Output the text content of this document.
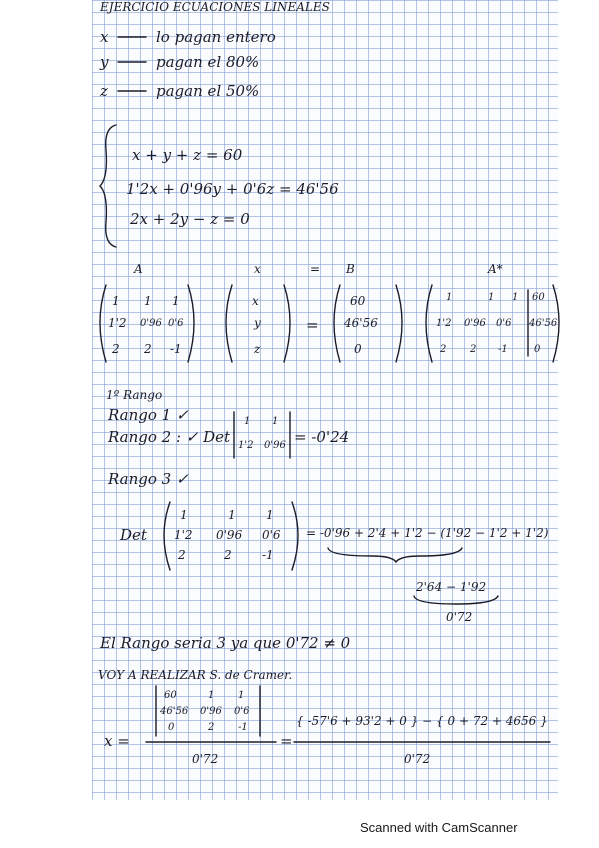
EJERCICIO ECUACIONES LINEALES
x	lo pagan entero
y	pagan el 80%
z	pagan el 50%
x + y + z = 60
1'2x + 0'96y + 0'6z = 46'56
2x + 2y − z = 0
A	x	= B	A*
1 1 1
1'2 0'96 0'6
2 2 -1
x
y
z
=
60
46'56
0
1	1 1 60
1'2 0'96 0'6 46'56
2 2 -1	0
1º Rango
Rango 1 ✓
Rango 2 : ✓ Det
1 1
1'2 0'96 = -0'24
Rango 3 ✓
Det
1	1	1
1'2 0'96 0'6
2	2	-1
= -0'96 + 2'4 + 1'2 − (1'92 − 1'2 + 1'2)
2'64 − 1'92
0'72
El Rango seria 3 ya que 0'72 ≠ 0
VOY A REALIZAR S. de Cramer.
x =
60	1 1
46'56 0'96 0'6
0	2 -1
0'72
=
{ -57'6 + 93'2 + 0 } − { 0 + 72 + 4656 }
0'72
Scanned with CamScanner
